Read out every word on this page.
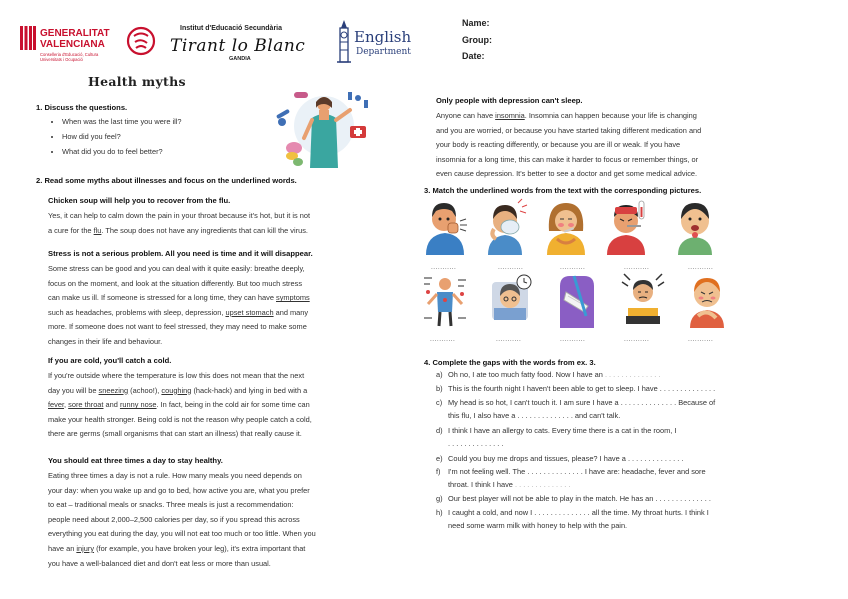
GENERALITAT
VALENCIANA
Conselleria d'Educació, Cultura
Universitats i Ocupació
Institut d'Educació Secundària
Tirant lo Blanc
GANDIA
English
Department
Name:
Group:
Date:
Health myths
1. Discuss the questions.
• When was the last time you were ill?
• How did you feel?
• What did you do to feel better?
2. Read some myths about illnesses and focus on the underlined words.
Chicken soup will help you to recover from the flu.
Yes, it can help to calm down the pain in your throat because it's hot, but it is not
a cure for the flu. The soup does not have any ingredients that can kill the virus.
Stress is not a serious problem. All you need is time and it will disappear.
Some stress can be good and you can deal with it quite easily: breathe deeply,
focus on the moment, and look at the situation differently. But too much stress
can make us ill. If someone is stressed for a long time, they can have symptoms
such as headaches, problems with sleep, depression, upset stomach and many
more. If someone does not want to feel stressed, they may need to make some
changes in their life and behaviour.
If you are cold, you'll catch a cold.
If you're outside where the temperature is low this does not mean that the next
day you will be sneezing (achoo!), coughing (hack-hack) and lying in bed with a
fever, sore throat and runny nose. In fact, being in the cold air for some time can
make your health stronger. Being cold is not the reason why people catch a cold,
there are germs (small organisms that can start an illness) that really cause it.
You should eat three times a day to stay healthy.
Eating three times a day is not a rule. How many meals you need depends on
your day: when you wake up and go to bed, how active you are, what you prefer
to eat – traditional meals or snacks. Three meals is just a recommendation:
people need about 2,000–2,500 calories per day, so if you spread this across
everything you eat during the day, you will not eat too much or too little. When you
have an injury (for example, you have broken your leg), it's extra important that
you have a well-balanced diet and don't eat less or more than usual.
Only people with depression can't sleep.
Anyone can have insomnia. Insomnia can happen because your life is changing
and you are worried, or because you have started taking different medication and
your body is reacting differently, or because you are ill or weak. If you have
insomnia for a long time, this can make it harder to focus or remember things, or
even cause depression. It's better to see a doctor and get some medical advice.
3. Match the underlined words from the text with the corresponding pictures.
...........	...........	...........	...........	...........
...........	...........	...........	...........	...........
4. Complete the gaps with the words from ex. 3.
a) Oh no, I ate too much fatty food. Now I have an . . . . . . . . . . . . . .
b) This is the fourth night I haven't been able to get to sleep. I have . . . . . . . . . . . . . .
c) My head is so hot, I can't touch it. I am sure I have a . . . . . . . . . . . . . . Because of
this flu, I also have a . . . . . . . . . . . . . . and can't talk.
d) I think I have an allergy to cats. Every time there is a cat in the room, I
. . . . . . . . . . . . . .
e) Could you buy me drops and tissues, please? I have a . . . . . . . . . . . . . .
f) I'm not feeling well. The . . . . . . . . . . . . . . I have are: headache, fever and sore
throat. I think I have . . . . . . . . . . . . . .
g) Our best player will not be able to play in the match. He has an . . . . . . . . . . . . . .
h) I caught a cold, and now I . . . . . . . . . . . . . . all the time. My throat hurts. I think I
need some warm milk with honey to help with the pain.
